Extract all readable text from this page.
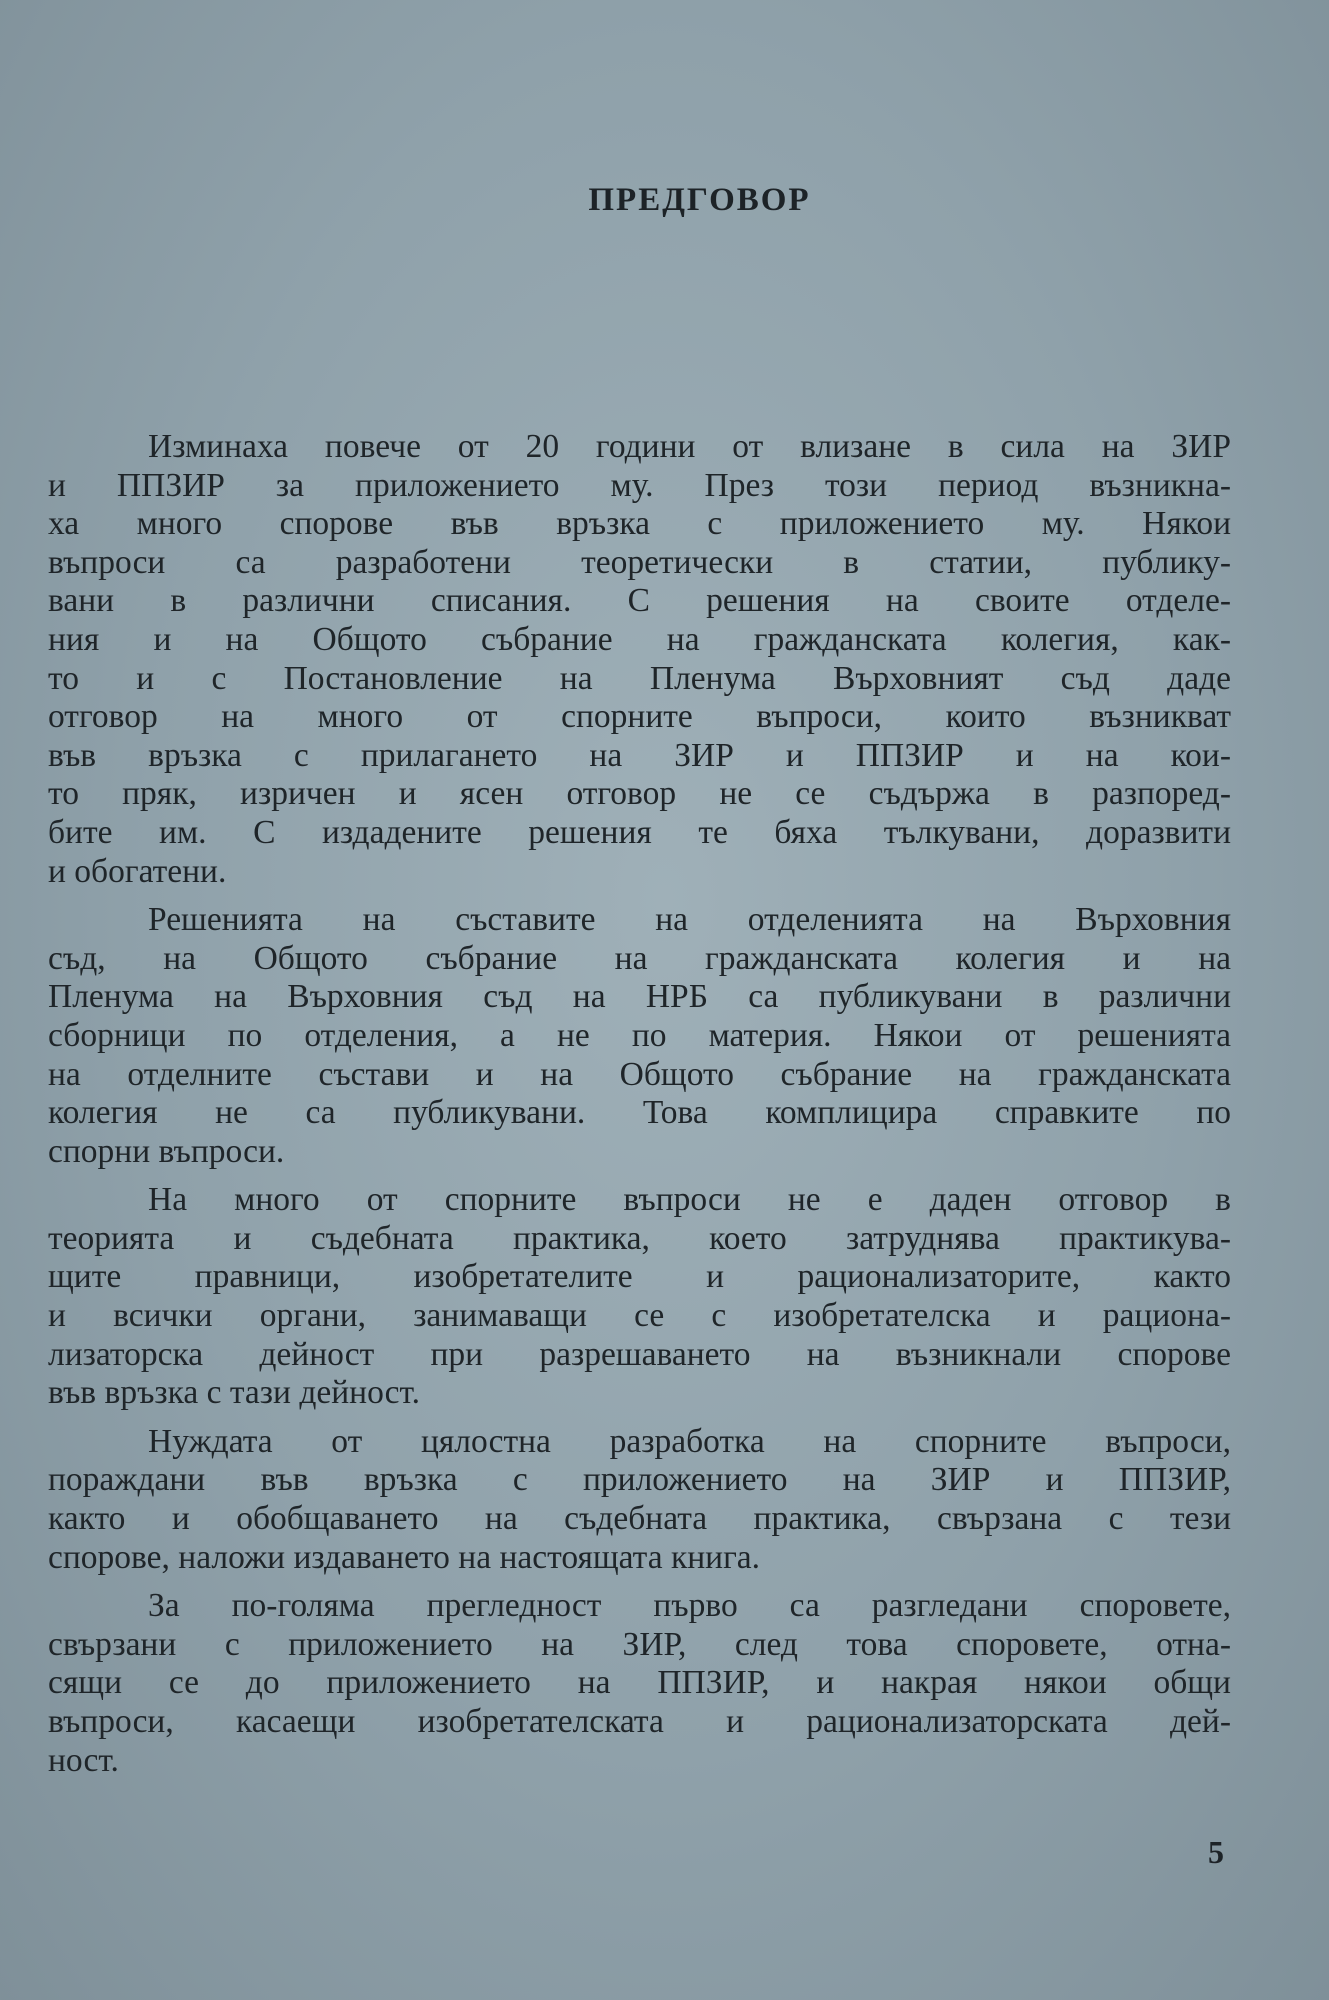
ПРЕДГОВОР
Изминаха повече от 20 години от влизане в сила на ЗИР
и ППЗИР за приложението му. През този период възникна-
ха много спорове във връзка с приложението му. Някои
въпроси са разработени теоретически в статии, публику-
вани в различни списания. С решения на своите отделе-
ния и на Общото събрание на гражданската колегия, как-
то и с Постановление на Пленума Върховният съд даде
отговор на много от спорните въпроси, които възникват
във връзка с прилагането на ЗИР и ППЗИР и на кои-
то пряк, изричен и ясен отговор не се съдържа в разпоред-
бите им. С издадените решения те бяха тълкувани, доразвити
и обогатени.
Решенията на съставите на отделенията на Върховния
съд, на Общото събрание на гражданската колегия и на
Пленума на Върховния съд на НРБ са публикувани в различни
сборници по отделения, а не по материя. Някои от решенията
на отделните състави и на Общото събрание на гражданската
колегия не са публикувани. Това комплицира справките по
спорни въпроси.
На много от спорните въпроси не е даден отговор в
теорията и съдебната практика, което затруднява практикува-
щите правници, изобретателите и рационализаторите, както
и всички органи, занимаващи се с изобретателска и рациона-
лизаторска дейност при разрешаването на възникнали спорове
във връзка с тази дейност.
Нуждата от цялостна разработка на спорните въпроси,
пораждани във връзка с приложението на ЗИР и ППЗИР,
както и обобщаването на съдебната практика, свързана с тези
спорове, наложи издаването на настоящата книга.
За по-голяма прегледност първо са разгледани споровете,
свързани с приложението на ЗИР, след това споровете, отна-
сящи се до приложението на ППЗИР, и накрая някои общи
въпроси, касаещи изобретателската и рационализаторската дей-
ност.
5
